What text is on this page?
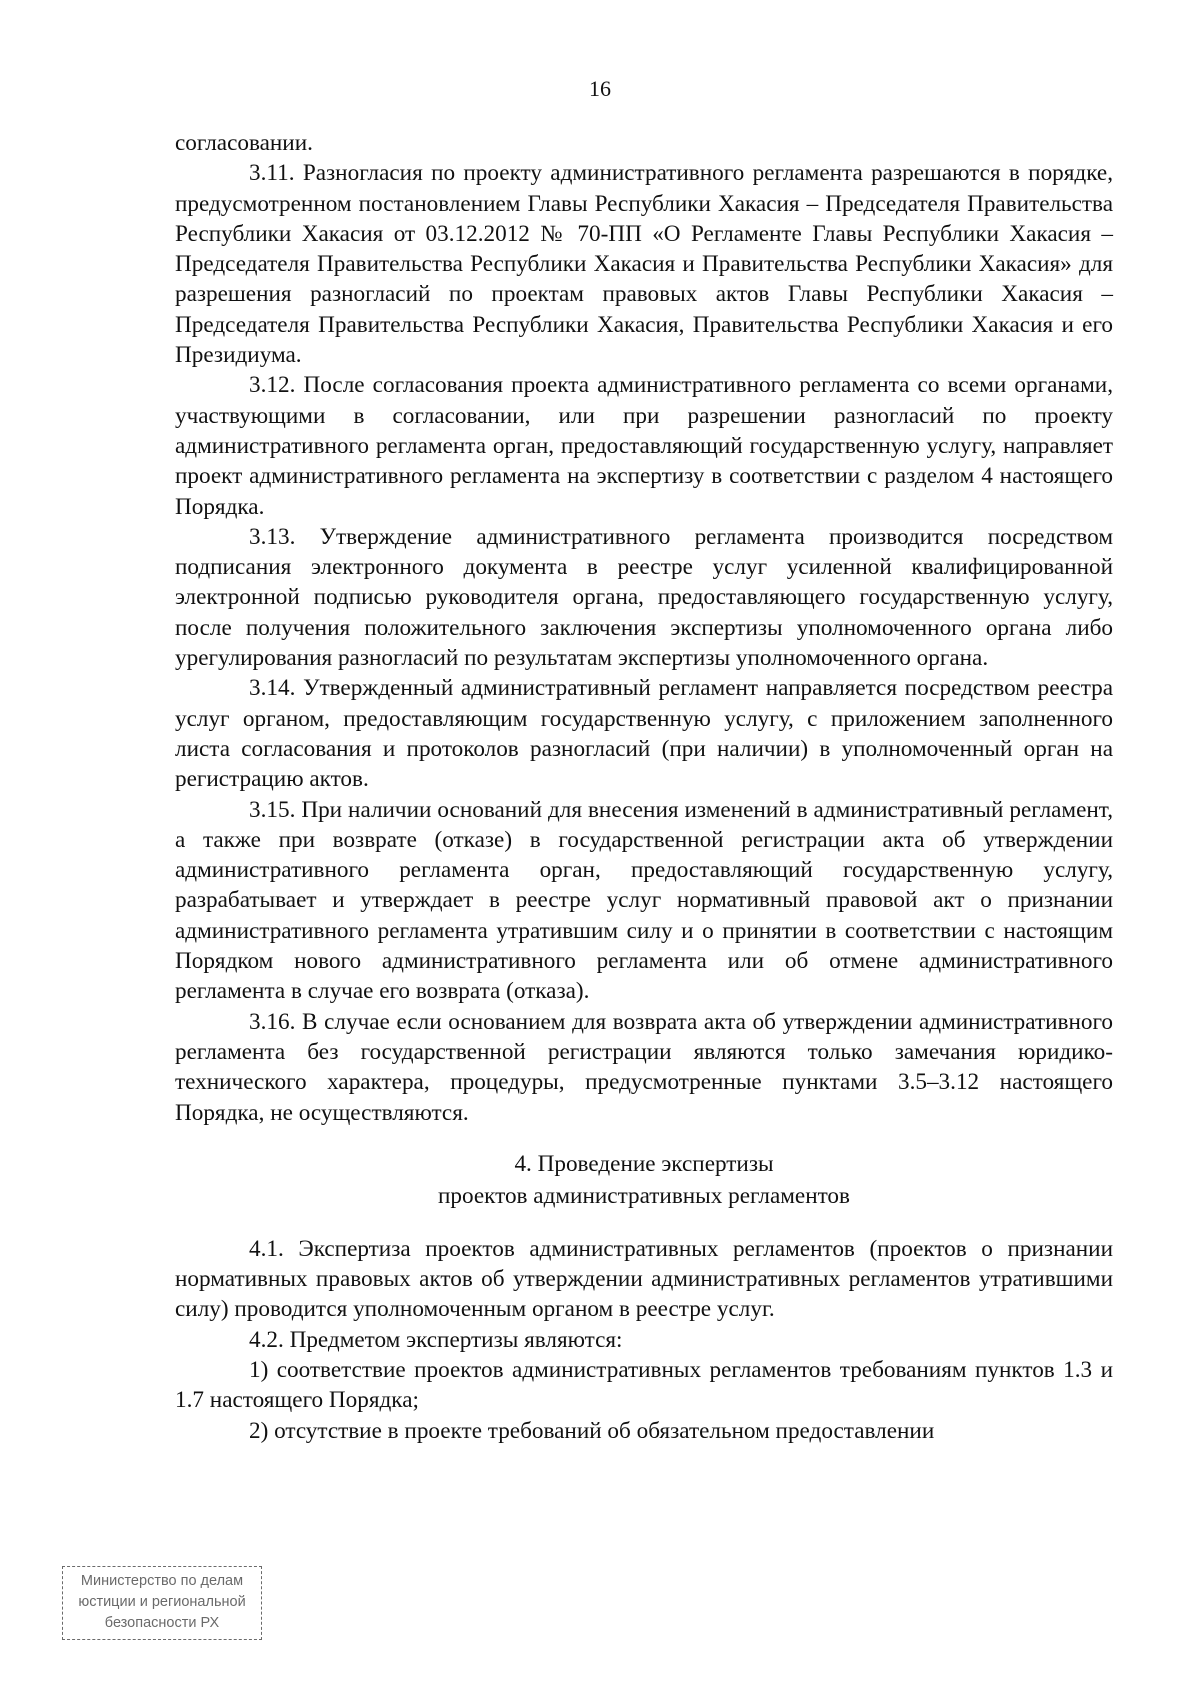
16

согласовании.

3.11. Разногласия по проекту административного регламента разрешаются в порядке, предусмотренном постановлением Главы Республики Хакасия – Председателя Правительства Республики Хакасия от 03.12.2012 № 70-ПП «О Регламенте Главы Республики Хакасия – Председателя Правительства Республики Хакасия и Правительства Республики Хакасия» для разрешения разногласий по проектам правовых актов Главы Республики Хакасия – Председателя Правительства Республики Хакасия, Правительства Республики Хакасия и его Президиума.

3.12. После согласования проекта административного регламента со всеми органами, участвующими в согласовании, или при разрешении разногласий по проекту административного регламента орган, предоставляющий государственную услугу, направляет проект административного регламента на экспертизу в соответствии с разделом 4 настоящего Порядка.

3.13. Утверждение административного регламента производится посредством подписания электронного документа в реестре услуг усиленной квалифицированной электронной подписью руководителя органа, предоставляющего государственную услугу, после получения положительного заключения экспертизы уполномоченного органа либо урегулирования разногласий по результатам экспертизы уполномоченного органа.

3.14. Утвержденный административный регламент направляется посредством реестра услуг органом, предоставляющим государственную услугу, с приложением заполненного листа согласования и протоколов разногласий (при наличии) в уполномоченный орган на регистрацию актов.

3.15. При наличии оснований для внесения изменений в административный регламент, а также при возврате (отказе) в государственной регистрации акта об утверждении административного регламента орган, предоставляющий государственную услугу, разрабатывает и утверждает в реестре услуг нормативный правовой акт о признании административного регламента утратившим силу и о принятии в соответствии с настоящим Порядком нового административного регламента или об отмене административного регламента в случае его возврата (отказа).

3.16. В случае если основанием для возврата акта об утверждении административного регламента без государственной регистрации являются только замечания юридико-технического характера, процедуры, предусмотренные пунктами 3.5–3.12 настоящего Порядка, не осуществляются.

4. Проведение экспертизы
проектов административных регламентов

4.1. Экспертиза проектов административных регламентов (проектов о признании нормативных правовых актов об утверждении административных регламентов утратившими силу) проводится уполномоченным органом в реестре услуг.

4.2. Предметом экспертизы являются:

1) соответствие проектов административных регламентов требованиям пунктов 1.3 и 1.7 настоящего Порядка;

2) отсутствие в проекте требований об обязательном предоставлении

Министерство по делам
юстиции и региональной
безопасности РХ
